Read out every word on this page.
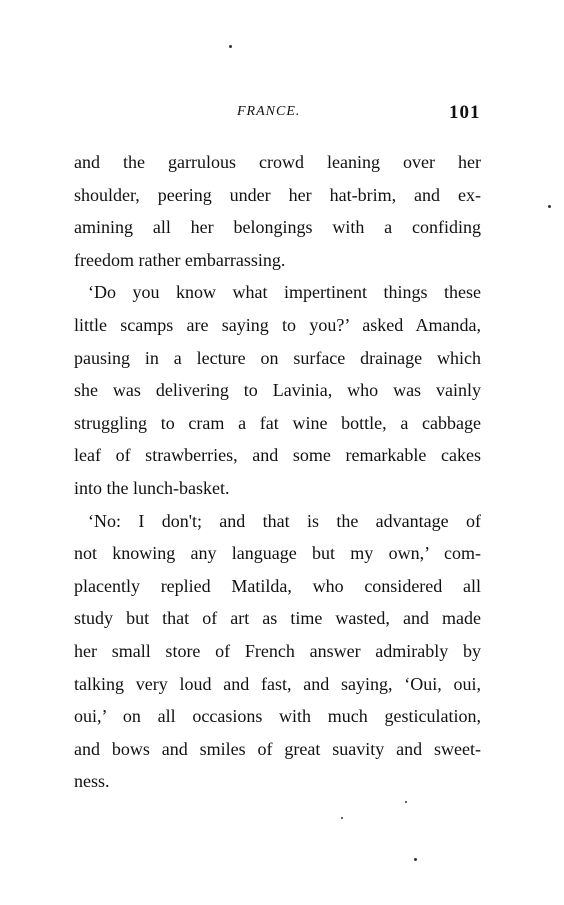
FRANCE.	101
and the garrulous crowd leaning over her
shoulder, peering under her hat-brim, and ex-
amining all her belongings with a confiding
freedom rather embarrassing.
‘Do you know what impertinent things these
little scamps are saying to you?’ asked Amanda,
pausing in a lecture on surface drainage which
she was delivering to Lavinia, who was vainly
struggling to cram a fat wine bottle, a cabbage
leaf of strawberries, and some remarkable cakes
into the lunch-basket.
‘No: I don't; and that is the advantage of
not knowing any language but my own,’ com-
placently replied Matilda, who considered all
study but that of art as time wasted, and made
her small store of French answer admirably by
talking very loud and fast, and saying, ‘Oui, oui,
oui,’ on all occasions with much gesticulation,
and bows and smiles of great suavity and sweet-
ness.
